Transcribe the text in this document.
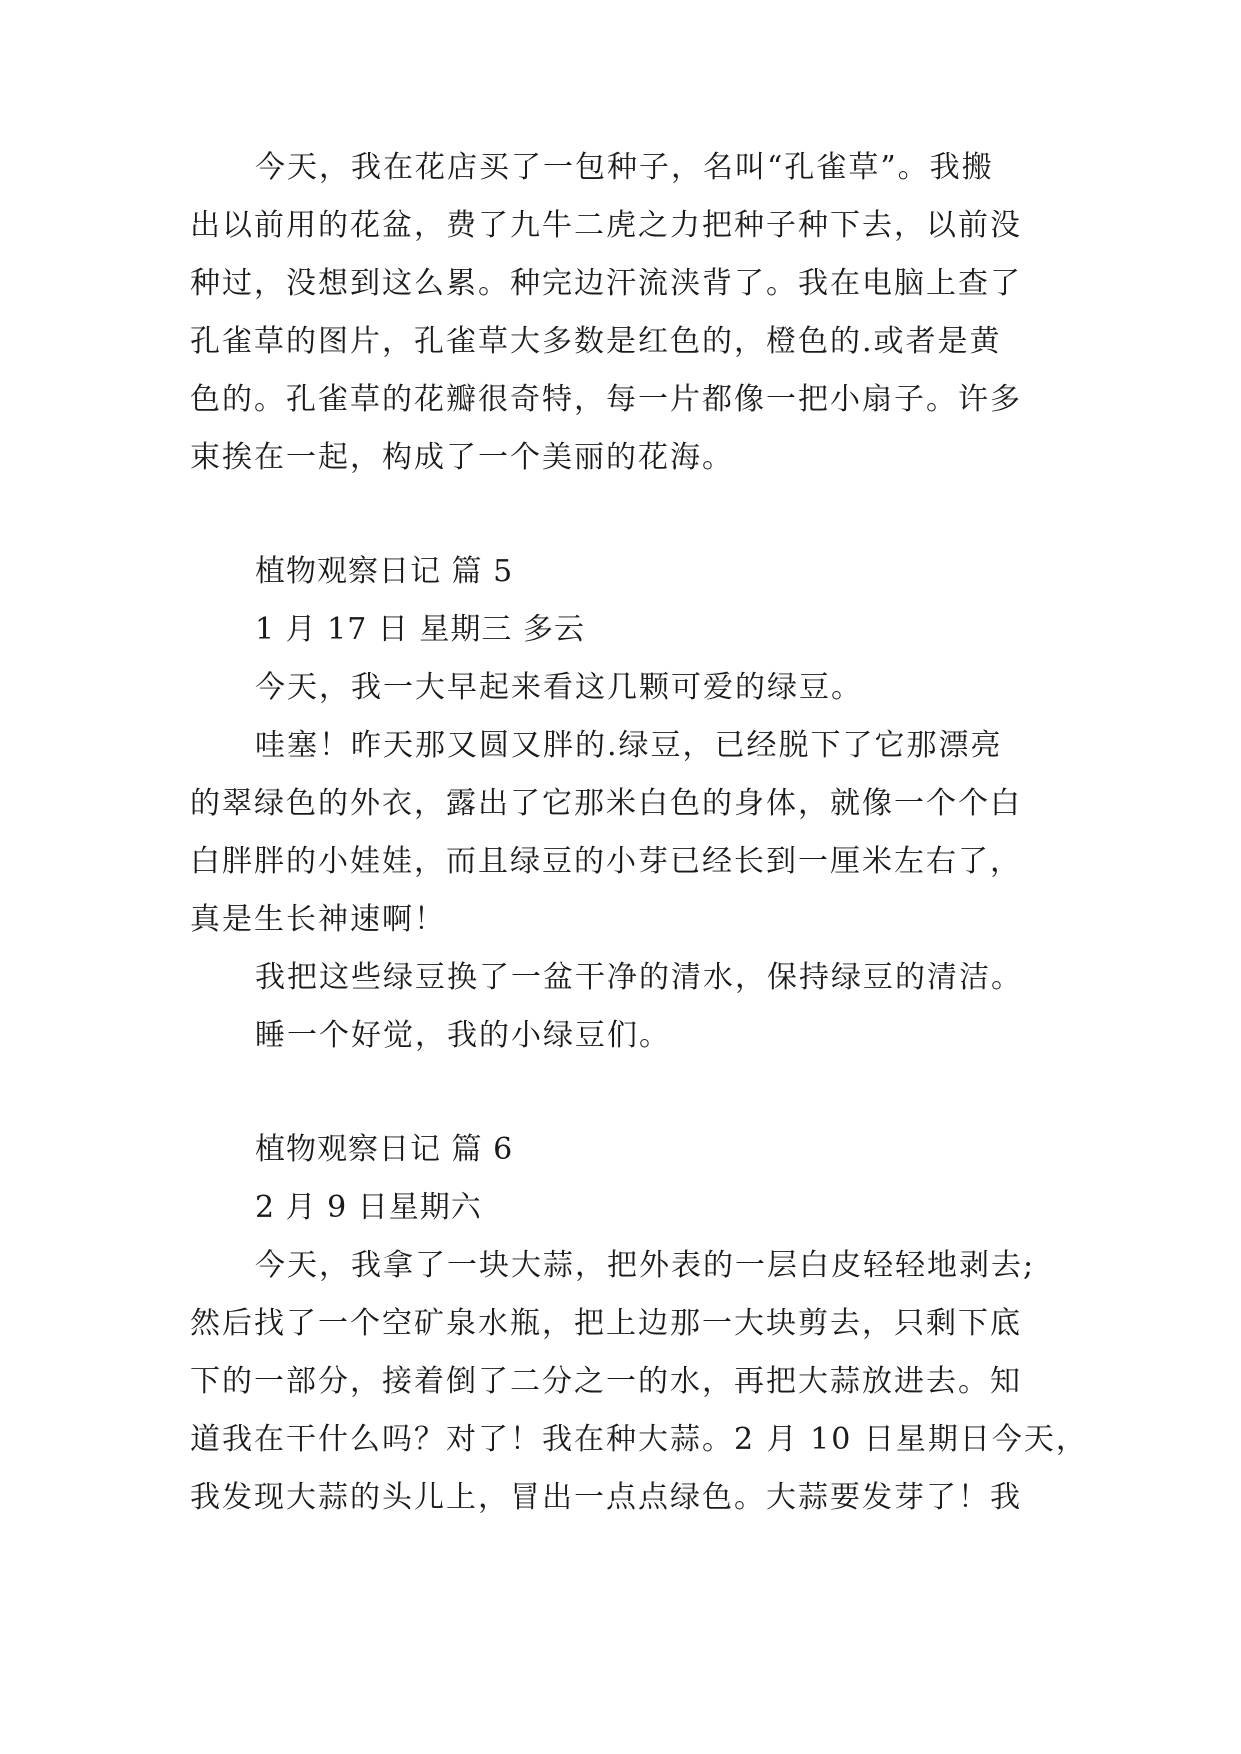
今天，我在花店买了一包种子，名叫“孔雀草”。我搬
出以前用的花盆，费了九牛二虎之力把种子种下去，以前没
种过，没想到这么累。种完边汗流浃背了。我在电脑上查了
孔雀草的图片，孔雀草大多数是红色的，橙色的.或者是黄
色的。孔雀草的花瓣很奇特，每一片都像一把小扇子。许多
束挨在一起，构成了一个美丽的花海。
植物观察日记 篇 5
1 月 17 日 星期三 多云
今天，我一大早起来看这几颗可爱的绿豆。
哇塞！昨天那又圆又胖的.绿豆，已经脱下了它那漂亮
的翠绿色的外衣，露出了它那米白色的身体，就像一个个白
白胖胖的小娃娃，而且绿豆的小芽已经长到一厘米左右了，
真是生长神速啊！
我把这些绿豆换了一盆干净的清水，保持绿豆的清洁。
睡一个好觉，我的小绿豆们。
植物观察日记 篇 6
2 月 9 日星期六
今天，我拿了一块大蒜，把外表的一层白皮轻轻地剥去;
然后找了一个空矿泉水瓶，把上边那一大块剪去，只剩下底
下的一部分，接着倒了二分之一的水，再把大蒜放进去。知
道我在干什么吗？对了！我在种大蒜。2 月 10 日星期日今天，
我发现大蒜的头儿上，冒出一点点绿色。大蒜要发芽了！我
